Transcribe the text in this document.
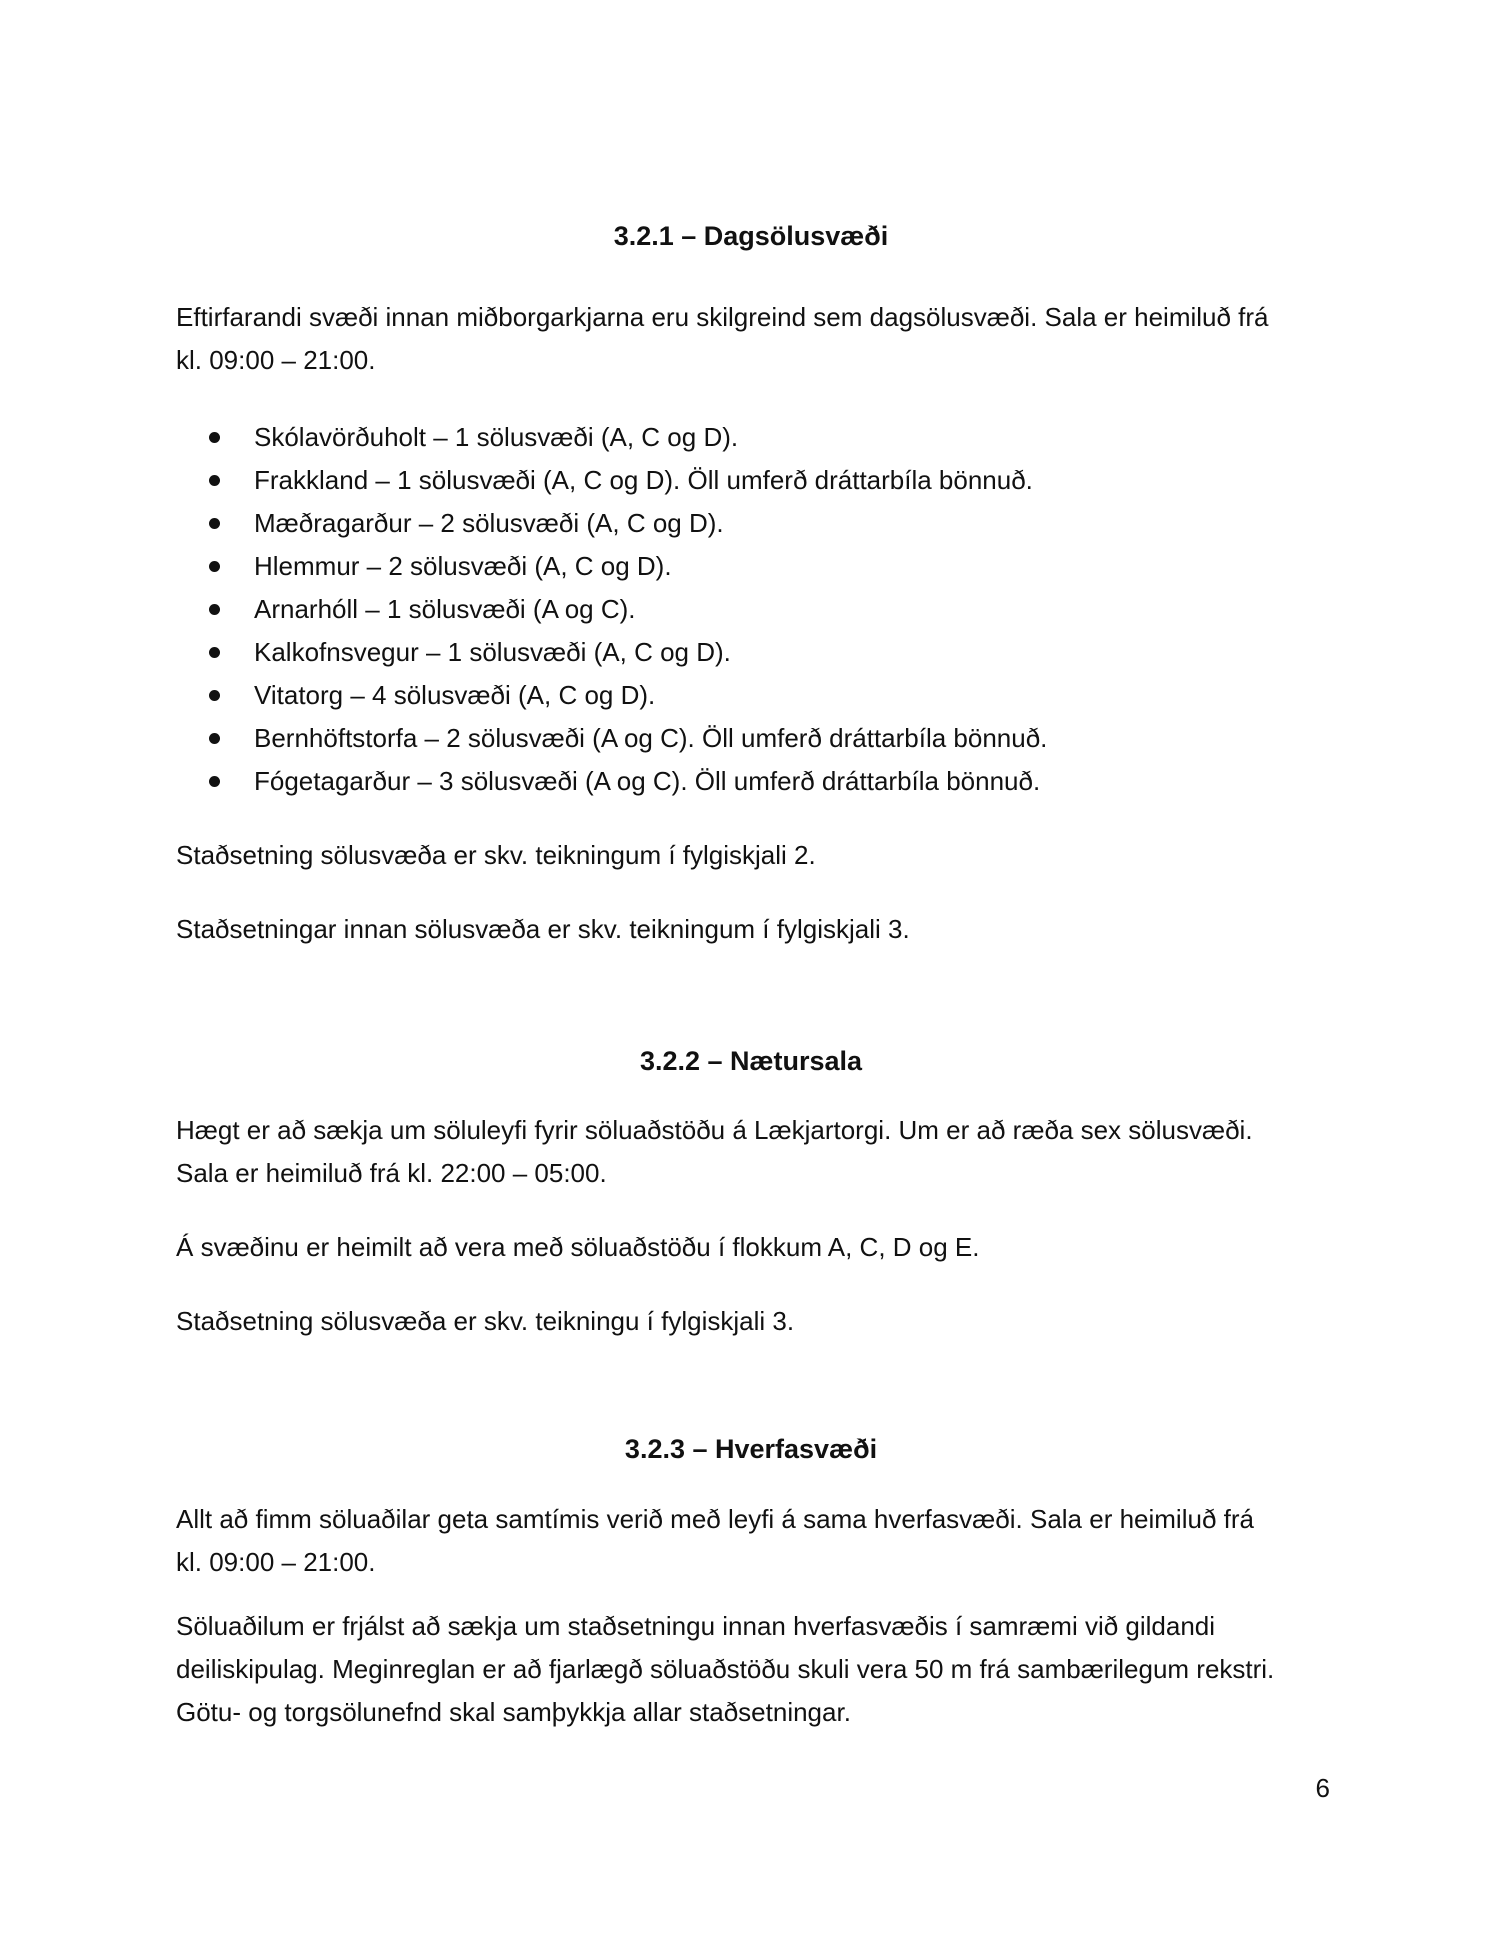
3.2.1 – Dagsölusvæði

Eftirfarandi svæði innan miðborgarkjarna eru skilgreind sem dagsölusvæði. Sala er heimiluð frá
kl. 09:00 – 21:00.

Skólavörðuholt – 1 sölusvæði (A, C og D).
Frakkland – 1 sölusvæði (A, C og D). Öll umferð dráttarbíla bönnuð.
Mæðragarður – 2 sölusvæði (A, C og D).
Hlemmur – 2 sölusvæði (A, C og D).
Arnarhóll – 1 sölusvæði (A og C).
Kalkofnsvegur – 1 sölusvæði (A, C og D).
Vitatorg – 4 sölusvæði (A, C og D).
Bernhöftstorfa – 2 sölusvæði (A og C). Öll umferð dráttarbíla bönnuð.
Fógetagarður – 3 sölusvæði (A og C). Öll umferð dráttarbíla bönnuð.

Staðsetning sölusvæða er skv. teikningum í fylgiskjali 2.

Staðsetningar innan sölusvæða er skv. teikningum í fylgiskjali 3.

3.2.2 – Nætursala

Hægt er að sækja um söluleyfi fyrir söluaðstöðu á Lækjartorgi. Um er að ræða sex sölusvæði.
Sala er heimiluð frá kl. 22:00 – 05:00.

Á svæðinu er heimilt að vera með söluaðstöðu í flokkum A, C, D og E.

Staðsetning sölusvæða er skv. teikningu í fylgiskjali 3.

3.2.3 – Hverfasvæði

Allt að fimm söluaðilar geta samtímis verið með leyfi á sama hverfasvæði. Sala er heimiluð frá
kl. 09:00 – 21:00.

Söluaðilum er frjálst að sækja um staðsetningu innan hverfasvæðis í samræmi við gildandi
deiliskipulag. Meginreglan er að fjarlægð söluaðstöðu skuli vera 50 m frá sambærilegum rekstri.
Götu- og torgsölunefnd skal samþykkja allar staðsetningar.

6
